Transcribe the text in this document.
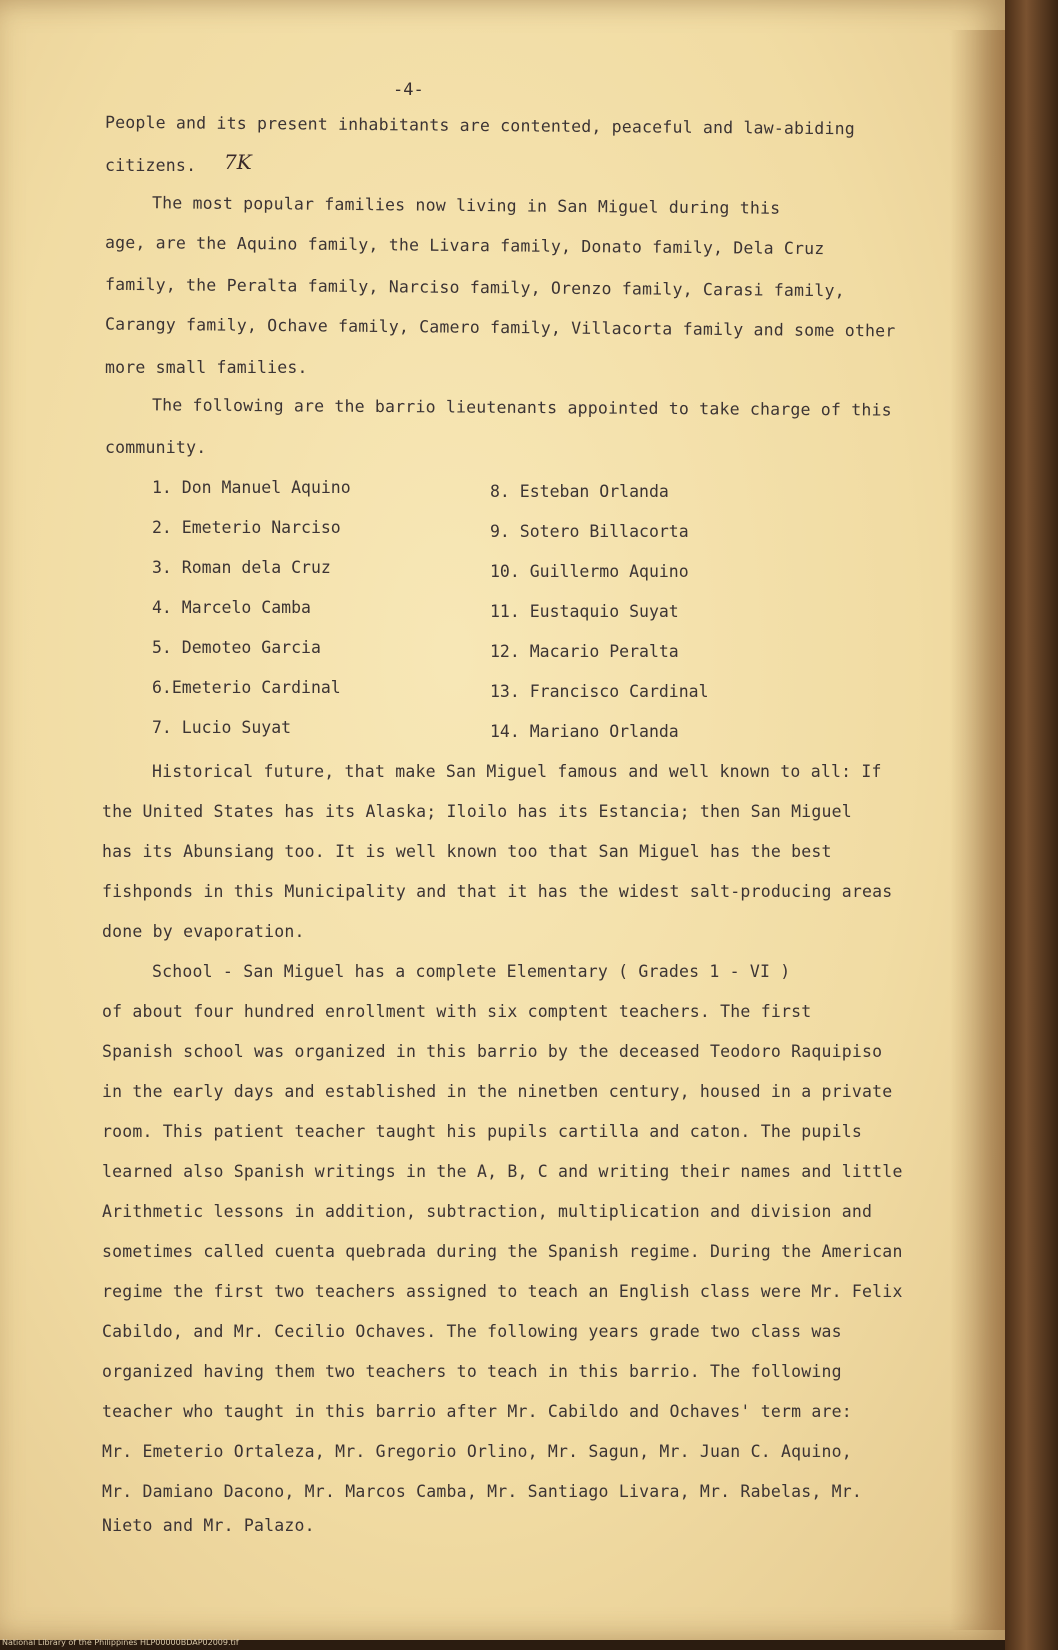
-4-
People and its present inhabitants are contented, peaceful and law-abiding
citizens. 7K
The most popular families now living in San Miguel during this
age, are the Aquino family, the Livara family, Donato family, Dela Cruz
family, the Peralta family, Narciso family, Orenzo family, Carasi family,
Carangy family, Ochave family, Camero family, Villacorta family and some other
more small families.
The following are the barrio lieutenants appointed to take charge of this
community.
1. Don Manuel Aquino
2. Emeterio Narciso
3. Roman dela Cruz
4. Marcelo Camba
5. Demoteo Garcia
6.Emeterio Cardinal
7. Lucio Suyat
8. Esteban Orlanda
9. Sotero Billacorta
10. Guillermo Aquino
11. Eustaquio Suyat
12. Macario Peralta
13. Francisco Cardinal
14. Mariano Orlanda
Historical future, that make San Miguel famous and well known to all: If
the United States has its Alaska; Iloilo has its Estancia; then San Miguel
has its Abunsiang too. It is well known too that San Miguel has the best
fishponds in this Municipality and that it has the widest salt-producing areas
done by evaporation.
School - San Miguel has a complete Elementary ( Grades 1 - VI )
of about four hundred enrollment with six comptent teachers. The first
Spanish school was organized in this barrio by the deceased Teodoro Raquipiso
in the early days and established in the ninetben century, housed in a private
room. This patient teacher taught his pupils cartilla and caton. The pupils
learned also Spanish writings in the A, B, C and writing their names and little
Arithmetic lessons in addition, subtraction, multiplication and division and
sometimes called cuenta quebrada during the Spanish regime. During the American
regime the first two teachers assigned to teach an English class were Mr. Felix
Cabildo, and Mr. Cecilio Ochaves. The following years grade two class was
organized having them two teachers to teach in this barrio. The following
teacher who taught in this barrio after Mr. Cabildo and Ochaves' term are:
Mr. Emeterio Ortaleza, Mr. Gregorio Orlino, Mr. Sagun, Mr. Juan C. Aquino,
Mr. Damiano Dacono, Mr. Marcos Camba, Mr. Santiago Livara, Mr. Rabelas, Mr.
Nieto and Mr. Palazo.
National Library of the Philippines HLP00000BDAP02009.tif
